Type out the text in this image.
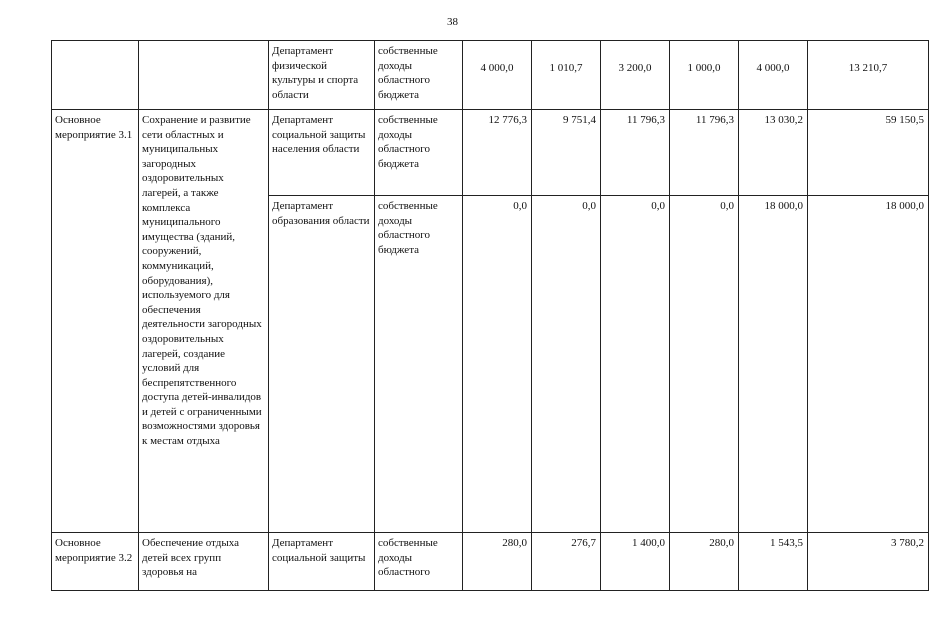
38
		Департамент физической культуры и спорта области	собственные доходы областного бюджета	4 000,0	1 010,7	3 200,0	1 000,0	4 000,0	13 210,7
Основное мероприятие 3.1	Сохранение и развитие сети областных и муниципальных загородных оздоровительных лагерей, а также комплекса муниципального имущества (зданий, сооружений, коммуникаций, оборудования), используемого для обеспечения деятельности загородных оздоровительных лагерей, создание условий для беспрепятственного доступа детей-инвалидов и детей с ограниченными возможностями здоровья к местам отдыха	Департамент социальной защиты населения области	собственные доходы областного бюджета	12 776,3	9 751,4	11 796,3	11 796,3	13 030,2	59 150,5
		Департамент образования области	собственные доходы областного бюджета	0,0	0,0	0,0	0,0	18 000,0	18 000,0
Основное мероприятие 3.2	Обеспечение отдыха детей всех групп здоровья на	Департамент социальной защиты	собственные доходы областного	280,0	276,7	1 400,0	280,0	1 543,5	3 780,2
